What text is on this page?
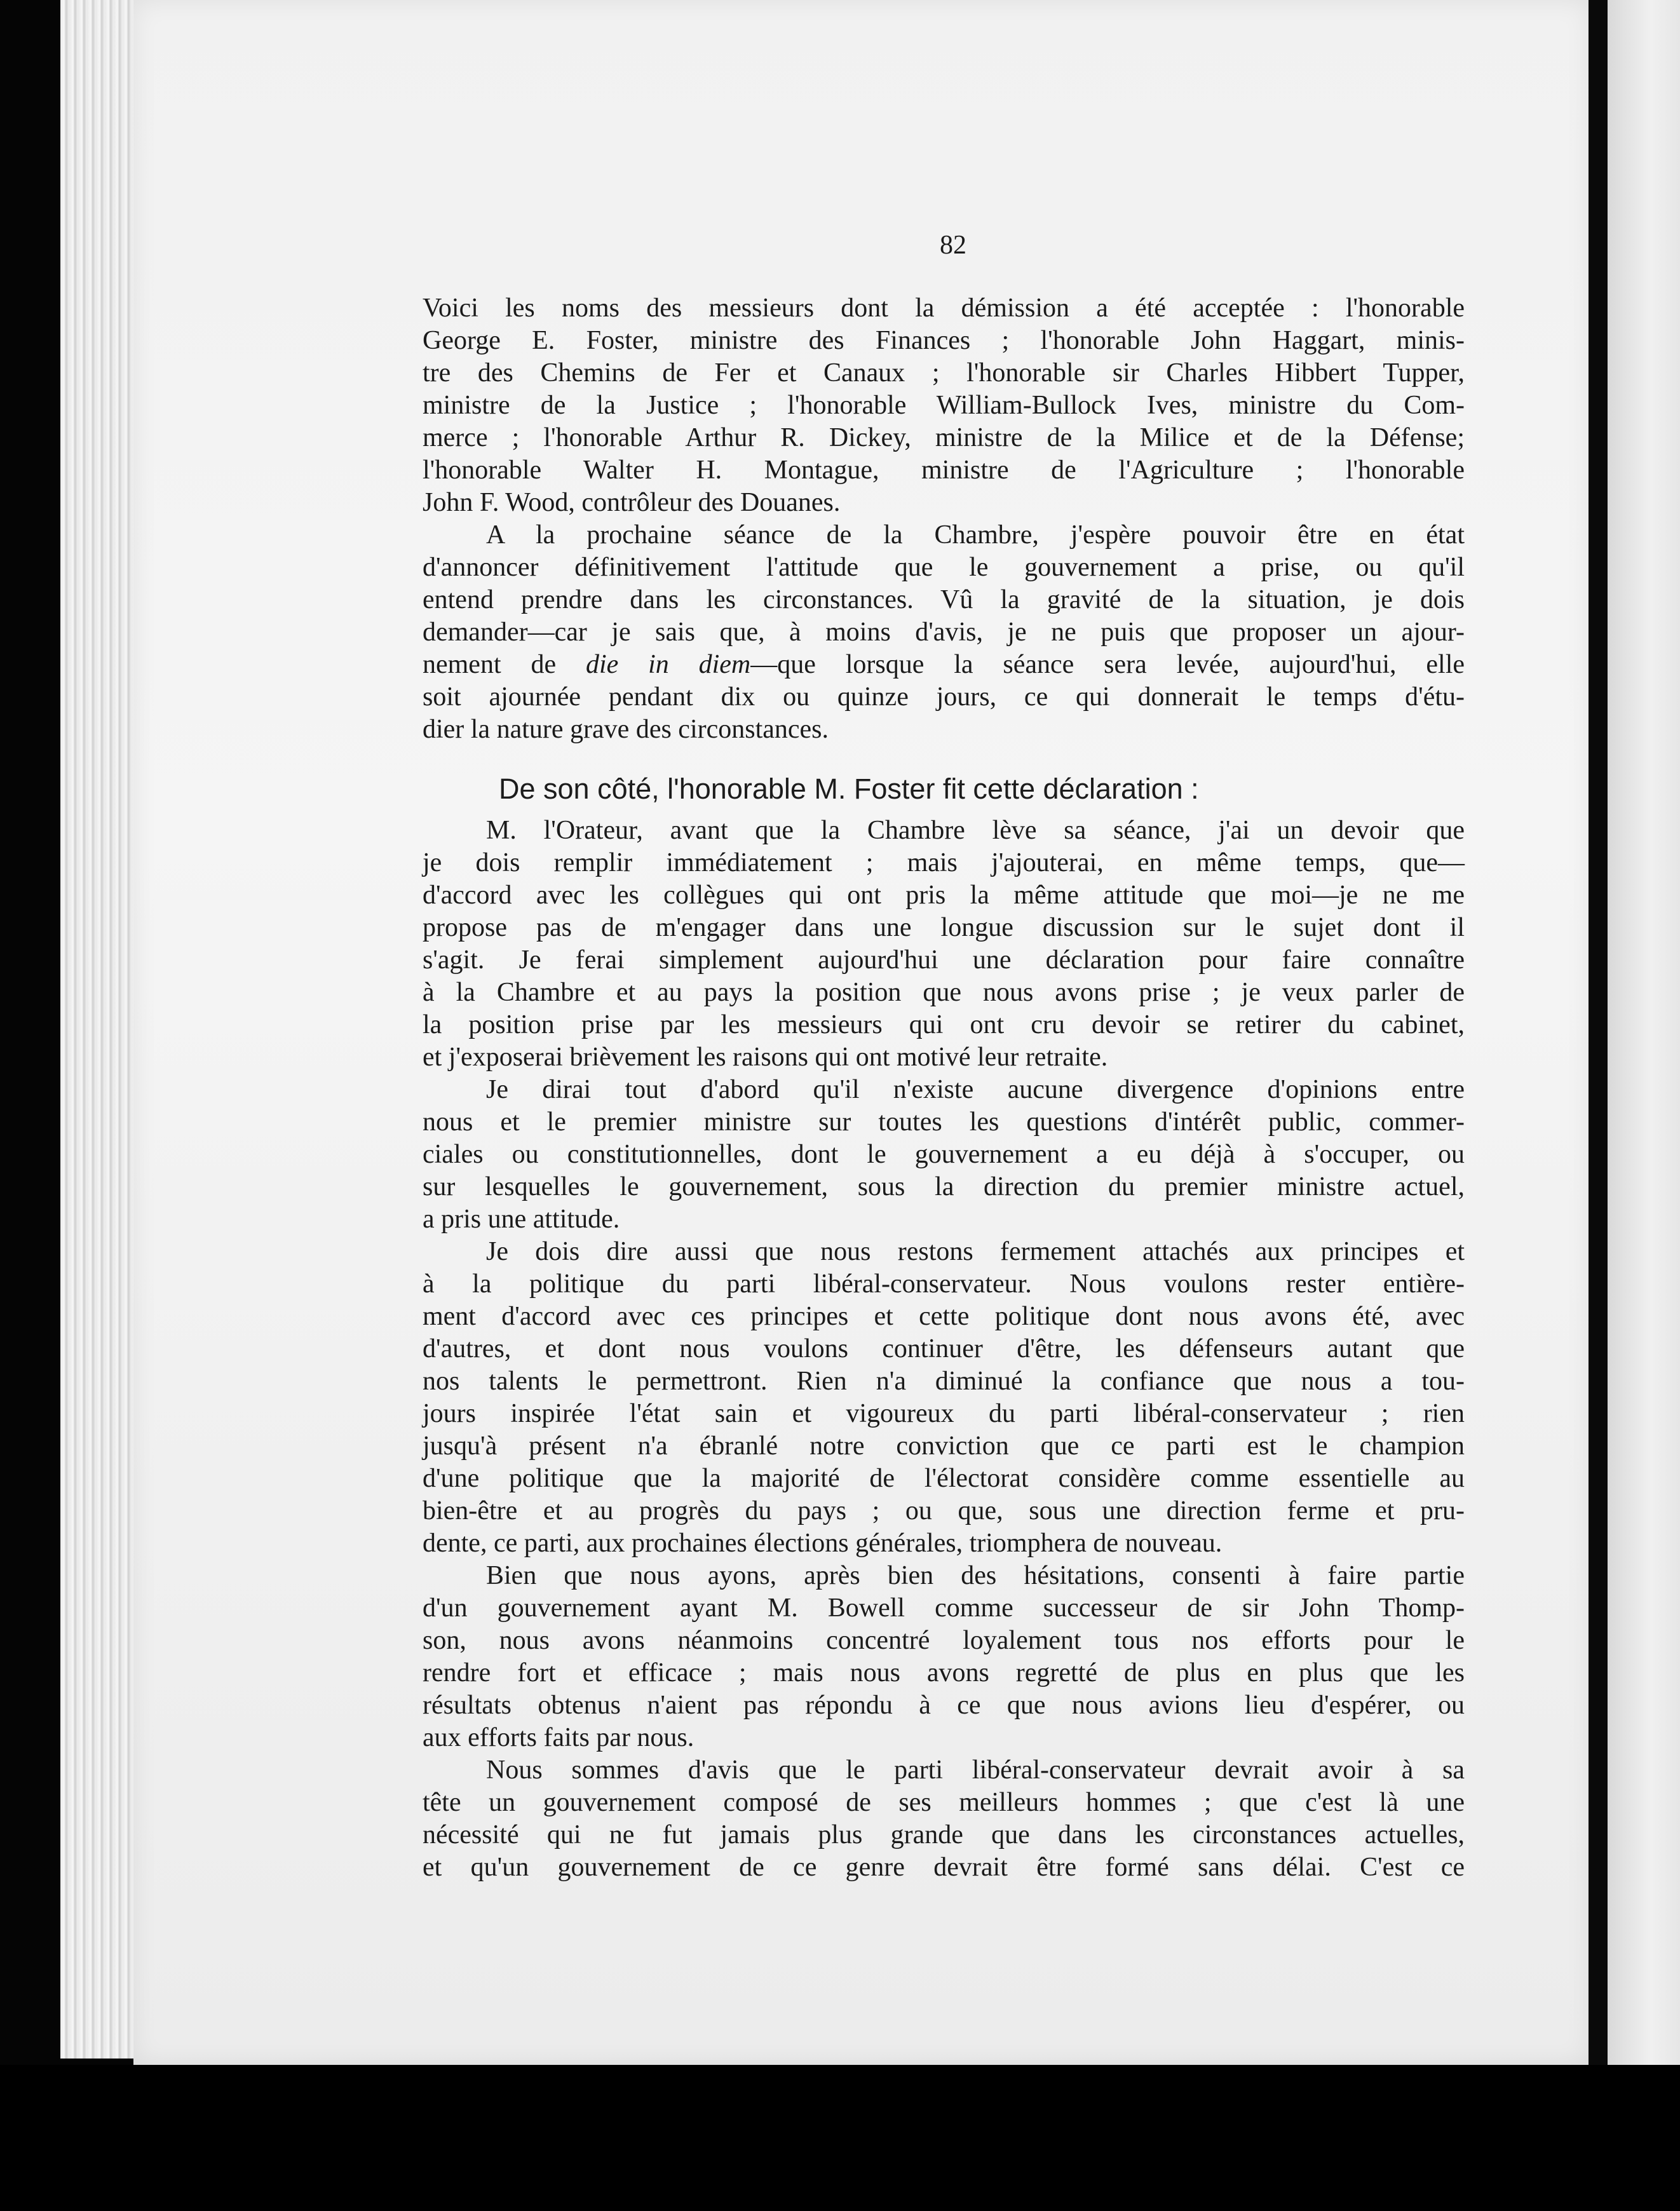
82
Voici les noms des messieurs dont la démission a été acceptée : l'honorable
George E. Foster, ministre des Finances ; l'honorable John Haggart, minis-
tre des Chemins de Fer et Canaux ; l'honorable sir Charles Hibbert Tupper,
ministre de la Justice ; l'honorable William-Bullock Ives, ministre du Com-
merce ; l'honorable Arthur R. Dickey, ministre de la Milice et de la Défense;
l'honorable Walter H. Montague, ministre de l'Agriculture ; l'honorable
John F. Wood, contrôleur des Douanes.
A la prochaine séance de la Chambre, j'espère pouvoir être en état
d'annoncer définitivement l'attitude que le gouvernement a prise, ou qu'il
entend prendre dans les circonstances. Vû la gravité de la situation, je dois
demander—car je sais que, à moins d'avis, je ne puis que proposer un ajour-
nement de die in diem—que lorsque la séance sera levée, aujourd'hui, elle
soit ajournée pendant dix ou quinze jours, ce qui donnerait le temps d'étu-
dier la nature grave des circonstances.
De son côté, l'honorable M. Foster fit cette déclaration :
M. l'Orateur, avant que la Chambre lève sa séance, j'ai un devoir que
je dois remplir immédiatement ; mais j'ajouterai, en même temps, que—
d'accord avec les collègues qui ont pris la même attitude que moi—je ne me
propose pas de m'engager dans une longue discussion sur le sujet dont il
s'agit. Je ferai simplement aujourd'hui une déclaration pour faire connaître
à la Chambre et au pays la position que nous avons prise ; je veux parler de
la position prise par les messieurs qui ont cru devoir se retirer du cabinet,
et j'exposerai brièvement les raisons qui ont motivé leur retraite.
Je dirai tout d'abord qu'il n'existe aucune divergence d'opinions entre
nous et le premier ministre sur toutes les questions d'intérêt public, commer-
ciales ou constitutionnelles, dont le gouvernement a eu déjà à s'occuper, ou
sur lesquelles le gouvernement, sous la direction du premier ministre actuel,
a pris une attitude.
Je dois dire aussi que nous restons fermement attachés aux principes et
à la politique du parti libéral-conservateur. Nous voulons rester entière-
ment d'accord avec ces principes et cette politique dont nous avons été, avec
d'autres, et dont nous voulons continuer d'être, les défenseurs autant que
nos talents le permettront. Rien n'a diminué la confiance que nous a tou-
jours inspirée l'état sain et vigoureux du parti libéral-conservateur ; rien
jusqu'à présent n'a ébranlé notre conviction que ce parti est le champion
d'une politique que la majorité de l'électorat considère comme essentielle au
bien-être et au progrès du pays ; ou que, sous une direction ferme et pru-
dente, ce parti, aux prochaines élections générales, triomphera de nouveau.
Bien que nous ayons, après bien des hésitations, consenti à faire partie
d'un gouvernement ayant M. Bowell comme successeur de sir John Thomp-
son, nous avons néanmoins concentré loyalement tous nos efforts pour le
rendre fort et efficace ; mais nous avons regretté de plus en plus que les
résultats obtenus n'aient pas répondu à ce que nous avions lieu d'espérer, ou
aux efforts faits par nous.
Nous sommes d'avis que le parti libéral-conservateur devrait avoir à sa
tête un gouvernement composé de ses meilleurs hommes ; que c'est là une
nécessité qui ne fut jamais plus grande que dans les circonstances actuelles,
et qu'un gouvernement de ce genre devrait être formé sans délai. C'est ce
